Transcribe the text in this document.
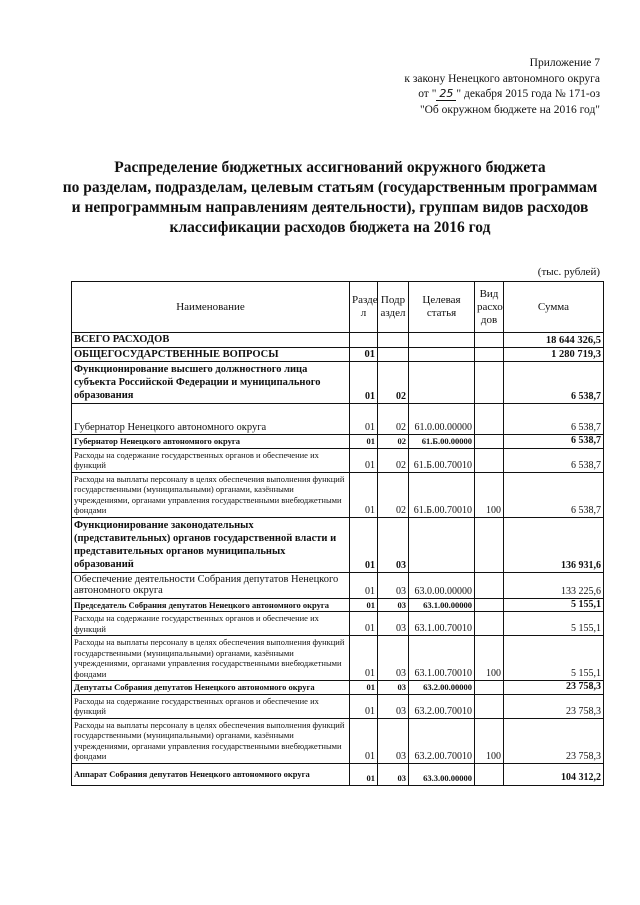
Приложение 7
к закону Ненецкого автономного округа
от " 25 " декабря 2015 года № 171-оз
"Об окружном бюджете на 2016 год"
Распределение бюджетных ассигнований окружного бюджета
по разделам, подразделам, целевым статьям (государственным программам
и непрограммным направлениям деятельности), группам видов расходов
классификации расходов бюджета на 2016 год
(тыс. рублей)
Наименование	Разде л	Подр аздел	Целевая статья	Вид расхо дов	Сумма
ВСЕГО РАСХОДОВ					18 644 326,5
ОБЩЕГОСУДАРСТВЕННЫЕ ВОПРОСЫ	01				1 280 719,3
Функционирование высшего должностного лица субъекта Российской Федерации и муниципального образования	01	02			6 538,7
Губернатор Ненецкого автономного округа	01	02	61.0.00.00000		6 538,7
Губернатор Ненецкого автономного округа	01	02	61.Б.00.00000		6 538,7
Расходы на содержание государственных органов и обеспечение их функций	01	02	61.Б.00.70010		6 538,7
Расходы на выплаты персоналу в целях обеспечения выполнения функций государственными (муниципальными) органами, казёнными учреждениями, органами управления государственными внебюджетными фондами	01	02	61.Б.00.70010	100	6 538,7
Функционирование законодательных (представительных) органов государственной власти и представительных органов муниципальных образований	01	03			136 931,6
Обеспечение деятельности Собрания депутатов Ненецкого автономного округа	01	03	63.0.00.00000		133 225,6
Председатель Собрания депутатов Ненецкого автономного округа	01	03	63.1.00.00000		5 155,1
Расходы на содержание государственных органов и обеспечение их функций	01	03	63.1.00.70010		5 155,1
Расходы на выплаты персоналу в целях обеспечения выполнения функций государственными (муниципальными) органами, казёнными учреждениями, органами управления государственными внебюджетными фондами	01	03	63.1.00.70010	100	5 155,1
Депутаты Собрания депутатов Ненецкого автономного округа	01	03	63.2.00.00000		23 758,3
Расходы на содержание государственных органов и обеспечение их функций	01	03	63.2.00.70010		23 758,3
Расходы на выплаты персоналу в целях обеспечения выполнения функций государственными (муниципальными) органами, казёнными учреждениями, органами управления государственными внебюджетными фондами	01	03	63.2.00.70010	100	23 758,3
Аппарат Собрания депутатов Ненецкого автономного округа	01	03	63.3.00.00000		104 312,2
